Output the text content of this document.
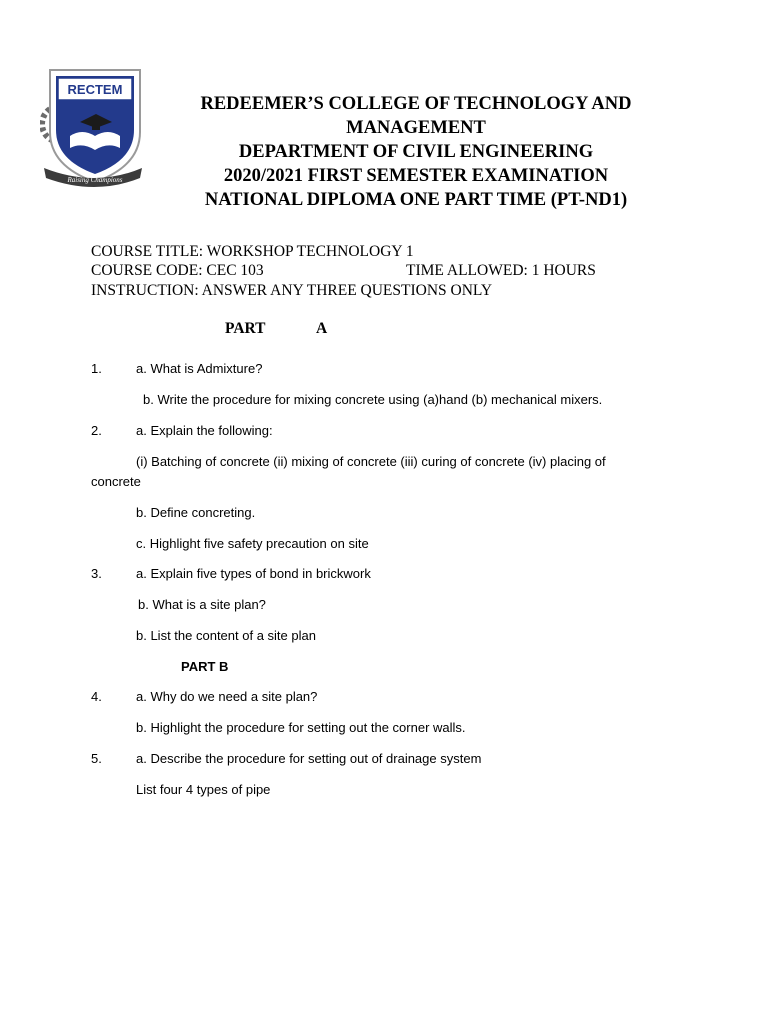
RECTEM
Raising Champions
REDEEMER’S COLLEGE OF TECHNOLOGY AND
MANAGEMENT
DEPARTMENT OF CIVIL ENGINEERING
2020/2021 FIRST SEMESTER EXAMINATION
NATIONAL DIPLOMA ONE PART TIME (PT-ND1)
COURSE TITLE: WORKSHOP TECHNOLOGY 1
COURSE CODE: CEC 103	TIME ALLOWED: 1 HOURS
INSTRUCTION: ANSWER ANY THREE QUESTIONS ONLY
PART	A
1.	a. What is Admixture?
b. Write the procedure for mixing concrete using (a)hand (b) mechanical mixers.
2.	a. Explain the following:
(i) Batching of concrete (ii) mixing of concrete (iii) curing of concrete (iv) placing of
concrete
b. Define concreting.
c. Highlight five safety precaution on site
3.	a. Explain five types of bond in brickwork
b. What is a site plan?
b. List the content of a site plan
PART B
4.	a. Why do we need a site plan?
b. Highlight the procedure for setting out the corner walls.
5.	a. Describe the procedure for setting out of drainage system
List four 4 types of pipe
